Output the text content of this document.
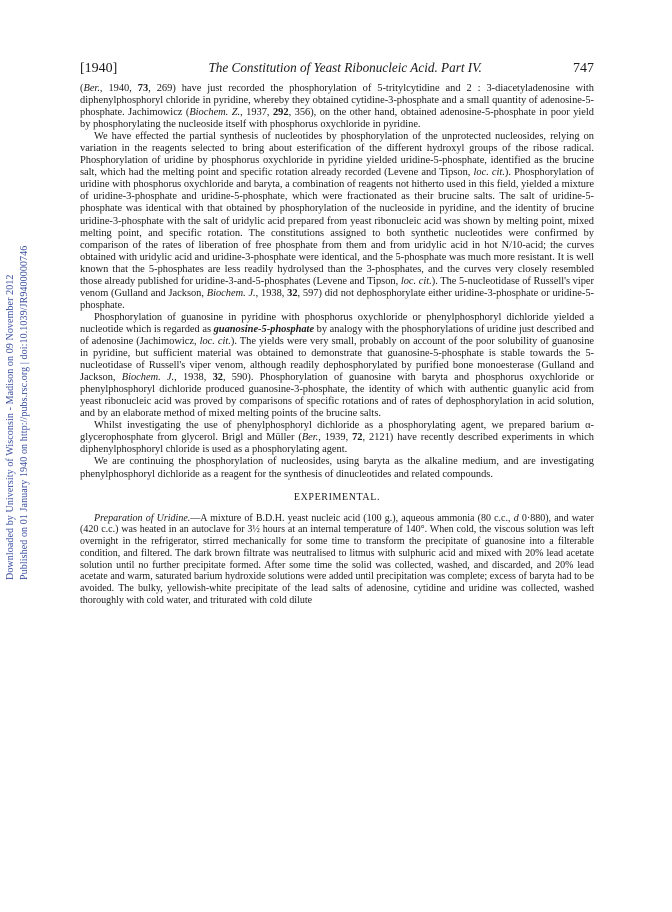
Downloaded by University of Wisconsin - Madison on 09 November 2012 Published on 01 January 1940 on http://pubs.rsc.org | doi:10.1039/JR9400000746
[1940]	The Constitution of Yeast Ribonucleic Acid. Part IV.	747

(Ber., 1940, 73, 269) have just recorded the phosphorylation of 5-tritylcytidine and 2 : 3-diacetyladenosine with diphenylphosphoryl chloride in pyridine, whereby they obtained cytidine-3-phosphate and a small quantity of adenosine-5-phosphate. Jachimowicz (Biochem. Z., 1937, 292, 356), on the other hand, obtained adenosine-5-phosphate in poor yield by phosphorylating the nucleoside itself with phosphorus oxychloride in pyridine.

We have effected the partial synthesis of nucleotides by phosphorylation of the unprotected nucleosides, relying on variation in the reagents selected to bring about esterification of the different hydroxyl groups of the ribose radical. Phosphorylation of uridine by phosphorus oxychloride in pyridine yielded uridine-5-phosphate, identified as the brucine salt, which had the melting point and specific rotation already recorded (Levene and Tipson, loc. cit.). Phosphorylation of uridine with phosphorus oxychloride and baryta, a combination of reagents not hitherto used in this field, yielded a mixture of uridine-3-phosphate and uridine-5-phosphate, which were fractionated as their brucine salts. The salt of uridine-5-phosphate was identical with that obtained by phosphorylation of the nucleoside in pyridine, and the identity of brucine uridine-3-phosphate with the salt of uridylic acid prepared from yeast ribonucleic acid was shown by melting point, mixed melting point, and specific rotation. The constitutions assigned to both synthetic nucleotides were confirmed by comparison of the rates of liberation of free phosphate from them and from uridylic acid in hot N/10-acid; the curves obtained with uridylic acid and uridine-3-phosphate were identical, and the 5-phosphate was much more resistant. It is well known that the 5-phosphates are less readily hydrolysed than the 3-phosphates, and the curves very closely resembled those already published for uridine-3-and-5-phosphates (Levene and Tipson, loc. cit.). The 5-nucleotidase of Russell's viper venom (Gulland and Jackson, Biochem. J., 1938, 32, 597) did not dephosphorylate either uridine-3-phosphate or uridine-5-phosphate.

Phosphorylation of guanosine in pyridine with phosphorus oxychloride or phenylphosphoryl dichloride yielded a nucleotide which is regarded as guanosine-5-phosphate by analogy with the phosphorylations of uridine just described and of adenosine (Jachimowicz, loc. cit.). The yields were very small, probably on account of the poor solubility of guanosine in pyridine, but sufficient material was obtained to demonstrate that guanosine-5-phosphate is stable towards the 5-nucleotidase of Russell's viper venom, although readily dephosphorylated by purified bone monoesterase (Gulland and Jackson, Biochem. J., 1938, 32, 590). Phosphorylation of guanosine with baryta and phosphorus oxychloride or phenylphosphoryl dichloride produced guanosine-3-phosphate, the identity of which with authentic guanylic acid from yeast ribonucleic acid was proved by comparisons of specific rotations and of rates of dephosphorylation in acid solution, and by an elaborate method of mixed melting points of the brucine salts.

Whilst investigating the use of phenylphosphoryl dichloride as a phosphorylating agent, we prepared barium α-glycerophosphate from glycerol. Brigl and Müller (Ber., 1939, 72, 2121) have recently described experiments in which diphenylphosphoryl chloride is used as a phosphorylating agent.

We are continuing the phosphorylation of nucleosides, using baryta as the alkaline medium, and are investigating phenylphosphoryl dichloride as a reagent for the synthesis of dinucleotides and related compounds.

EXPERIMENTAL.

Preparation of Uridine.—A mixture of B.D.H. yeast nucleic acid (100 g.), aqueous ammonia (80 c.c., d 0·880), and water (420 c.c.) was heated in an autoclave for 3½ hours at an internal temperature of 140°. When cold, the viscous solution was left overnight in the refrigerator, stirred mechanically for some time to transform the precipitate of guanosine into a filterable condition, and filtered. The dark brown filtrate was neutralised to litmus with sulphuric acid and mixed with 20% lead acetate solution until no further precipitate formed. After some time the solid was collected, washed, and discarded, and 20% lead acetate and warm, saturated barium hydroxide solutions were added until precipitation was complete; excess of baryta had to be avoided. The bulky, yellowish-white precipitate of the lead salts of adenosine, cytidine and uridine was collected, washed thoroughly with cold water, and triturated with cold dilute
